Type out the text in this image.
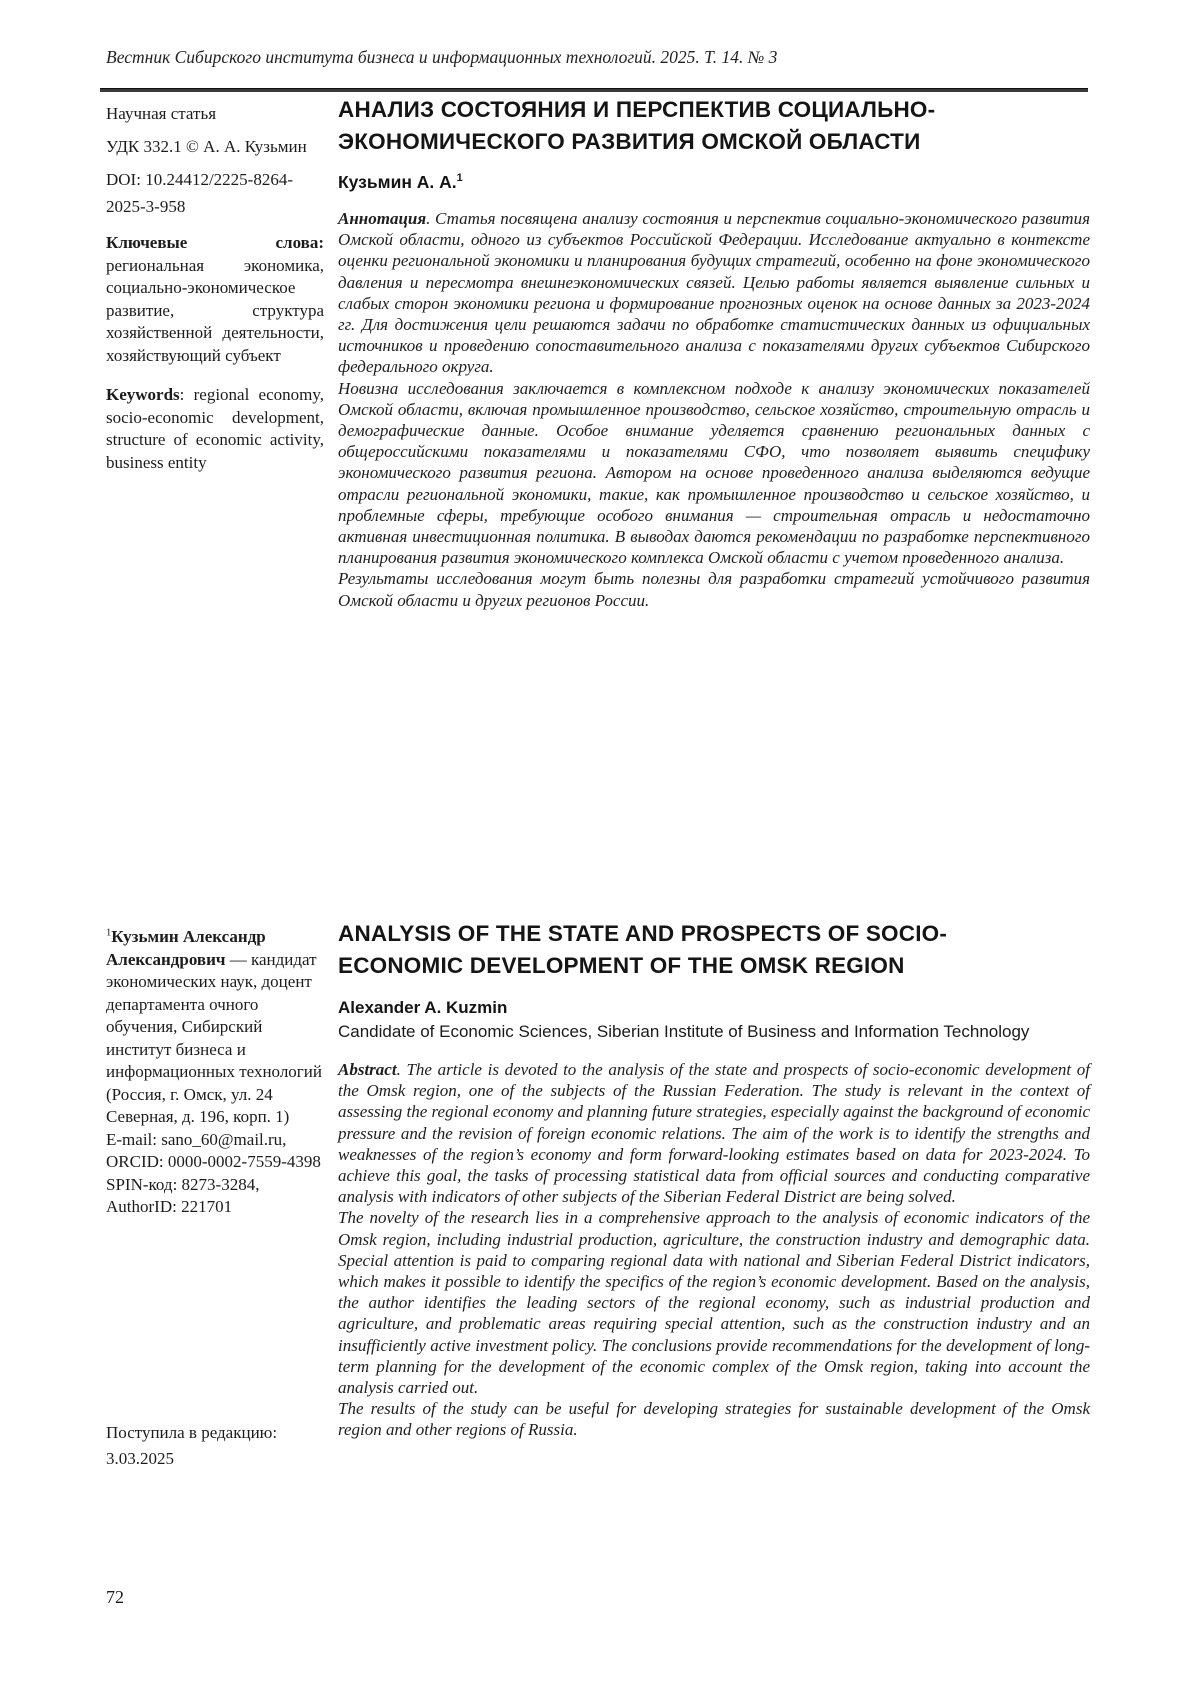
Вестник Сибирского института бизнеса и информационных технологий. 2025. Т. 14. № 3

Научная статья

УДК 332.1 © А. А. Кузьмин

DOI: 10.24412/2225-8264-2025-3-958

Ключевые слова: региональная экономика, социально-экономическое развитие, структура хозяйственной деятельности, хозяйствующий субъект

Keywords: regional economy, socio-economic development, structure of economic activity, business entity

АНАЛИЗ СОСТОЯНИЯ И ПЕРСПЕКТИВ СОЦИАЛЬНО-ЭКОНОМИЧЕСКОГО РАЗВИТИЯ ОМСКОЙ ОБЛАСТИ
Кузьмин А. А.$^1$

Аннотация. Статья посвящена анализу состояния и перспектив социально-экономического развития Омской области, одного из субъектов Российской Федерации. Исследование актуально в контексте оценки региональной экономики и планирования будущих стратегий, особенно на фоне экономического давления и пересмотра внешнеэкономических связей. Целью работы является выявление сильных и слабых сторон экономики региона и формирование прогнозных оценок на основе данных за 2023-2024 гг. Для достижения цели решаются задачи по обработке статистических данных из официальных источников и проведению сопоставительного анализа с показателями других субъектов Сибирского федерального округа.

Новизна исследования заключается в комплексном подходе к анализу экономических показателей Омской области, включая промышленное производство, сельское хозяйство, строительную отрасль и демографические данные. Особое внимание уделяется сравнению региональных данных с общероссийскими показателями и показателями СФО, что позволяет выявить специфику экономического развития региона. Автором на основе проведенного анализа выделяются ведущие отрасли региональной экономики, такие, как промышленное производство и сельское хозяйство, и проблемные сферы, требующие особого внимания — строительная отрасль и недостаточно активная инвестиционная политика. В выводах даются рекомендации по разработке перспективного планирования развития экономического комплекса Омской области с учетом проведенного анализа.

Результаты исследования могут быть полезны для разработки стратегий устойчивого развития Омской области и других регионов России.

$^1$Кузьмин Александр Александрович — кандидат экономических наук, доцент департамента очного обучения, Сибирский институт бизнеса и информационных технологий (Россия, г. Омск, ул. 24 Северная, д. 196, корп. 1)

E-mail: sano_60@mail.ru,

ORCID: 0000-0002-7559-4398

SPIN-код: 8273-3284,

AuthorID: 221701

ANALYSIS OF THE STATE AND PROSPECTS OF SOCIO-ECONOMIC DEVELOPMENT OF THE OMSK REGION
Alexander A. Kuzmin
Candidate of Economic Sciences, Siberian Institute of Business and Information Technology

Abstract. The article is devoted to the analysis of the state and prospects of socio-economic development of the Omsk region, one of the subjects of the Russian Federation. The study is relevant in the context of assessing the regional economy and planning future strategies, especially against the background of economic pressure and the revision of foreign economic relations. The aim of the work is to identify the strengths and weaknesses of the region’s economy and form forward-looking estimates based on data for 2023-2024. To achieve this goal, the tasks of processing statistical data from official sources and conducting comparative analysis with indicators of other subjects of the Siberian Federal District are being solved.

The novelty of the research lies in a comprehensive approach to the analysis of economic indicators of the Omsk region, including industrial production, agriculture, the construction industry and demographic data. Special attention is paid to comparing regional data with national and Siberian Federal District indicators, which makes it possible to identify the specifics of the region’s economic development. Based on the analysis, the author identifies the leading sectors of the regional economy, such as industrial production and agriculture, and problematic areas requiring special attention, such as the construction industry and an insufficiently active investment policy. The conclusions provide recommendations for the development of long-term planning for the development of the economic complex of the Omsk region, taking into account the analysis carried out.

The results of the study can be useful for developing strategies for sustainable development of the Omsk region and other regions of Russia.

Поступила в редакцию:
3.03.2025
72
